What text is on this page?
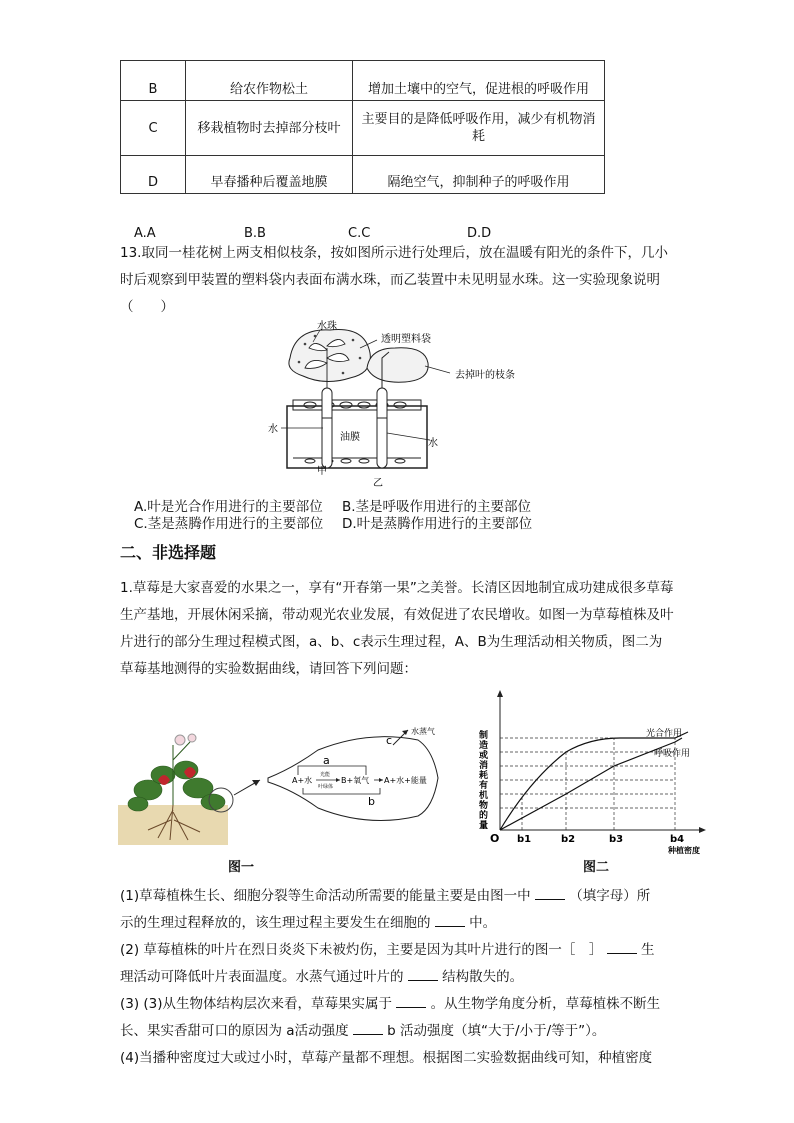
B	给农作物松土	增加土壤中的空气，促进根的呼吸作用
C	移栽植物时去掉部分枝叶	主要目的是降低呼吸作用，减少有机物消耗
D	早春播种后覆盖地膜	隔绝空气，抑制种子的呼吸作用
A.A	B.B	C.C	D.D
13.取同一桂花树上两支相似枝条，按如图所示进行处理后，放在温暖有阳光的条件下，几小时后观察到甲装置的塑料袋内表面布满水珠，而乙装置中未见明显水珠。这一实验现象说明（　　）
水珠
透明塑料袋
去掉叶的枝条
水
油膜
水
甲
乙
A.叶是光合作用进行的主要部位 B.茎是呼吸作用进行的主要部位
C.茎是蒸腾作用进行的主要部位 D.叶是蒸腾作用进行的主要部位
二、非选择题
1.草莓是大家喜爱的水果之一，享有“开春第一果”之美誉。长清区因地制宜成功建成很多草莓生产基地，开展休闲采摘，带动观光农业发展，有效促进了农民增收。如图一为草莓植株及叶片进行的部分生理过程模式图，a、b、c表示生理过程，A、B为生理活动相关物质，图二为草莓基地测得的实验数据曲线，请回答下列问题：
A+水
光能
叶绿体
B+氧气 A+水+能量
a
b
c
水蒸气
图一
光合作用
呼吸作用
制造或消耗有机物的量
O b1	b2	b3	b4
种植密度
图二
(1)草莓植株生长、细胞分裂等生命活动所需要的能量主要是由图一中	（填字母）所
示的生理过程释放的，该生理过程主要发生在细胞的	中。
(2) 草莓植株的叶片在烈日炎炎下未被灼伤，主要是因为其叶片进行的图一［　］	生
理活动可降低叶片表面温度。水蒸气通过叶片的	结构散失的。
(3) (3)从生物体结构层次来看，草莓果实属于	。从生物学角度分析，草莓植株不断生
长、果实香甜可口的原因为 a活动强度	b 活动强度（填“大于/小于/等于”）。
(4)当播种密度过大或过小时，草莓产量都不理想。根据图二实验数据曲线可知，种植密度
